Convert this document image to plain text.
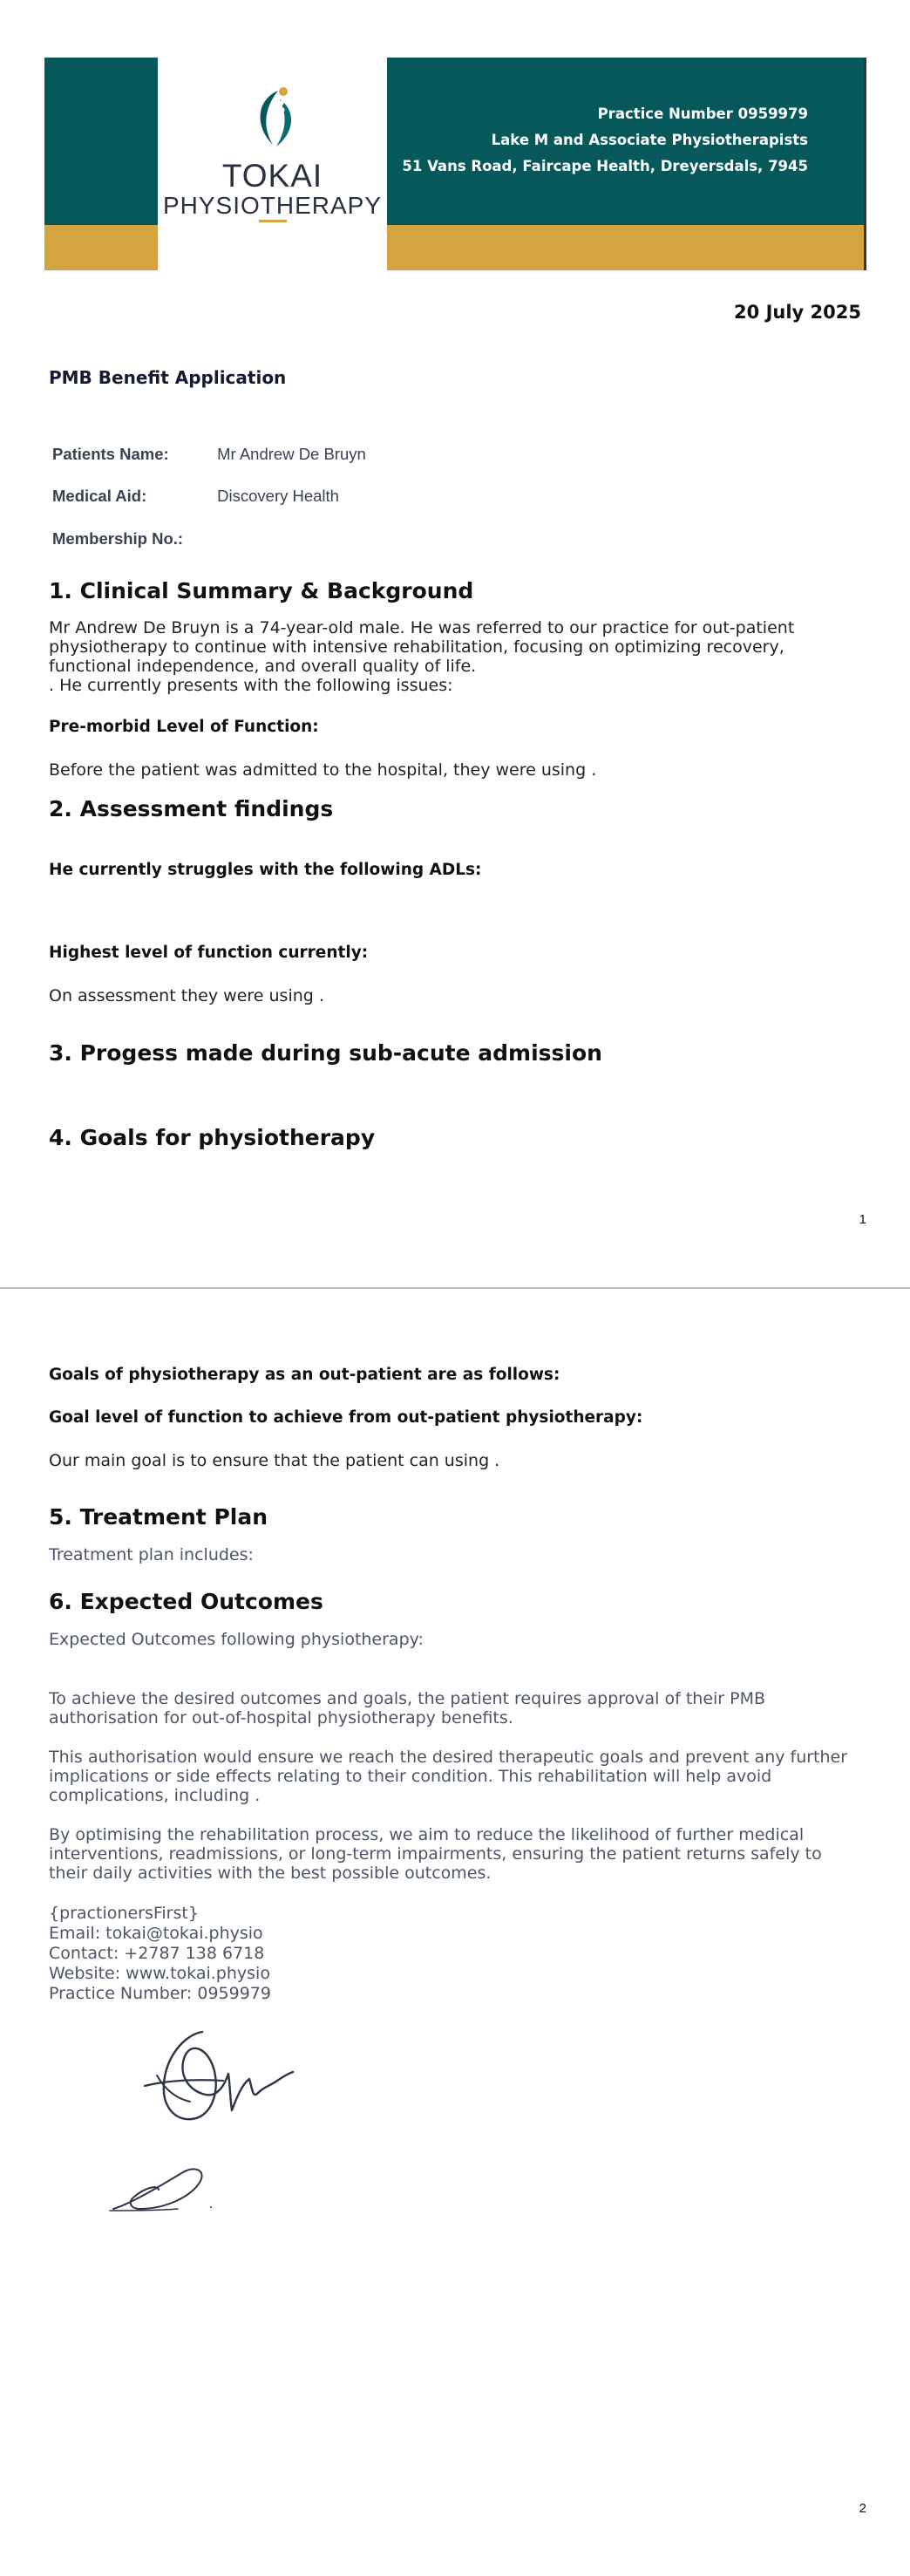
TOKAI
PHYSIOTHERAPY
Practice Number 0959979
Lake M and Associate Physiotherapists
51 Vans Road, Faircape Health, Dreyersdals, 7945
20 July 2025
PMB Benefit Application
Patients Name:	Mr Andrew De Bruyn
Medical Aid:	Discovery Health
Membership No.:
1. Clinical Summary & Background
Mr Andrew De Bruyn is a 74-year-old male. He was referred to our practice for out-patient
physiotherapy to continue with intensive rehabilitation, focusing on optimizing recovery,
functional independence, and overall quality of life.
. He currently presents with the following issues:
Pre-morbid Level of Function:
Before the patient was admitted to the hospital, they were using .
2. Assessment findings
He currently struggles with the following ADLs:
Highest level of function currently:
On assessment they were using .
3. Progess made during sub-acute admission
4. Goals for physiotherapy
1
Goals of physiotherapy as an out-patient are as follows:
Goal level of function to achieve from out-patient physiotherapy:
Our main goal is to ensure that the patient can using .
5. Treatment Plan
Treatment plan includes:
6. Expected Outcomes
Expected Outcomes following physiotherapy:
To achieve the desired outcomes and goals, the patient requires approval of their PMB
authorisation for out-of-hospital physiotherapy benefits.
This authorisation would ensure we reach the desired therapeutic goals and prevent any further
implications or side effects relating to their condition. This rehabilitation will help avoid
complications, including .
By optimising the rehabilitation process, we aim to reduce the likelihood of further medical
interventions, readmissions, or long-term impairments, ensuring the patient returns safely to
their daily activities with the best possible outcomes.
{practionersFirst}
Email: tokai@tokai.physio
Contact: +2787 138 6718
Website: www.tokai.physio
Practice Number: 0959979
2
